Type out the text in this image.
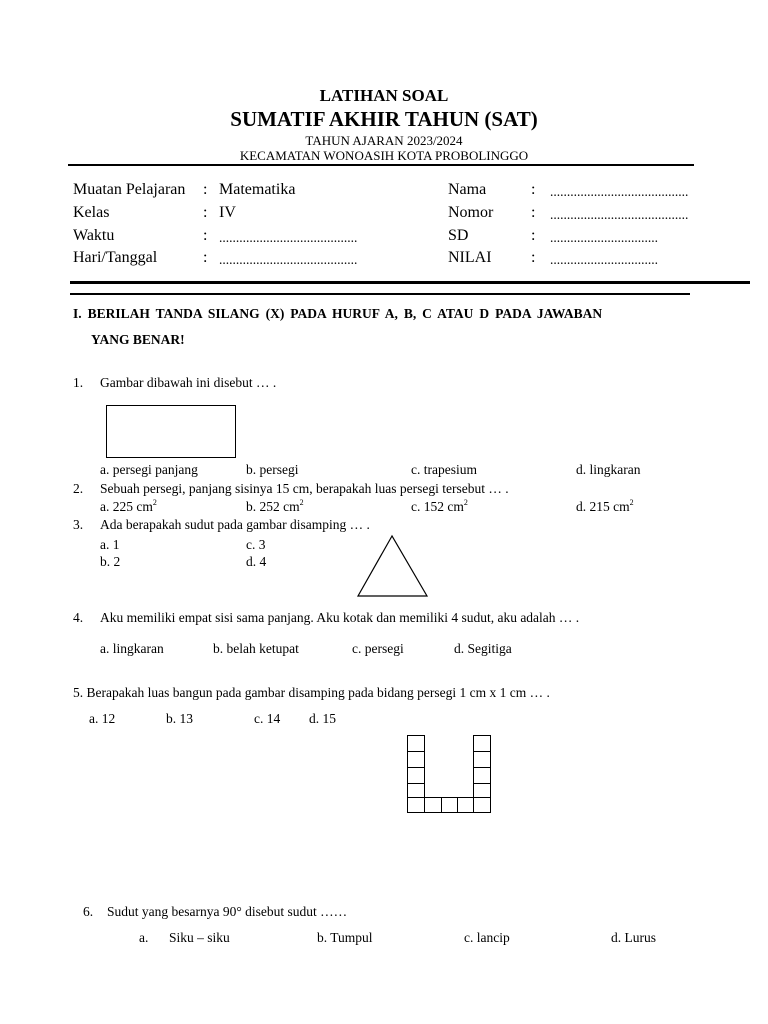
LATIHAN SOAL
SUMATIF AKHIR TAHUN (SAT)
TAHUN AJARAN 2023/2024
KECAMATAN WONOASIH KOTA PROBOLINGGO
Muatan Pelajaran : Matematika
Kelas	: IV
Waktu	: .........................................
Hari/Tanggal	: .........................................
Nama	: .........................................
Nomor : .........................................
SD	: ................................
NILAI : ................................
I. BERILAH TANDA SILANG (X) PADA HURUF A, B, C ATAU D PADA JAWABAN
YANG BENAR!
1. Gambar dibawah ini disebut … .
a. persegi panjang	b. persegi	c. trapesium	d. lingkaran
2. Sebuah persegi, panjang sisinya 15 cm, berapakah luas persegi tersebut … .
a. 225 $cm^2$	b. 252 $cm^2$	c. 152 $cm^2$	d. 215 $cm^2$
3. Ada berapakah sudut pada gambar disamping … .
a. 1	c. 3
b. 2	d. 4
4. Aku memiliki empat sisi sama panjang. Aku kotak dan memiliki 4 sudut, aku adalah … .
a. lingkaran	b. belah ketupat	c. persegi	d. Segitiga
5. Berapakah luas bangun pada gambar disamping pada bidang persegi 1 cm x 1 cm … .
a. 12	b. 13	c. 14 d. 15
6. Sudut yang besarnya 90° disebut sudut ……
a. Siku – siku	b. Tumpul	c. lancip	d. Lurus
